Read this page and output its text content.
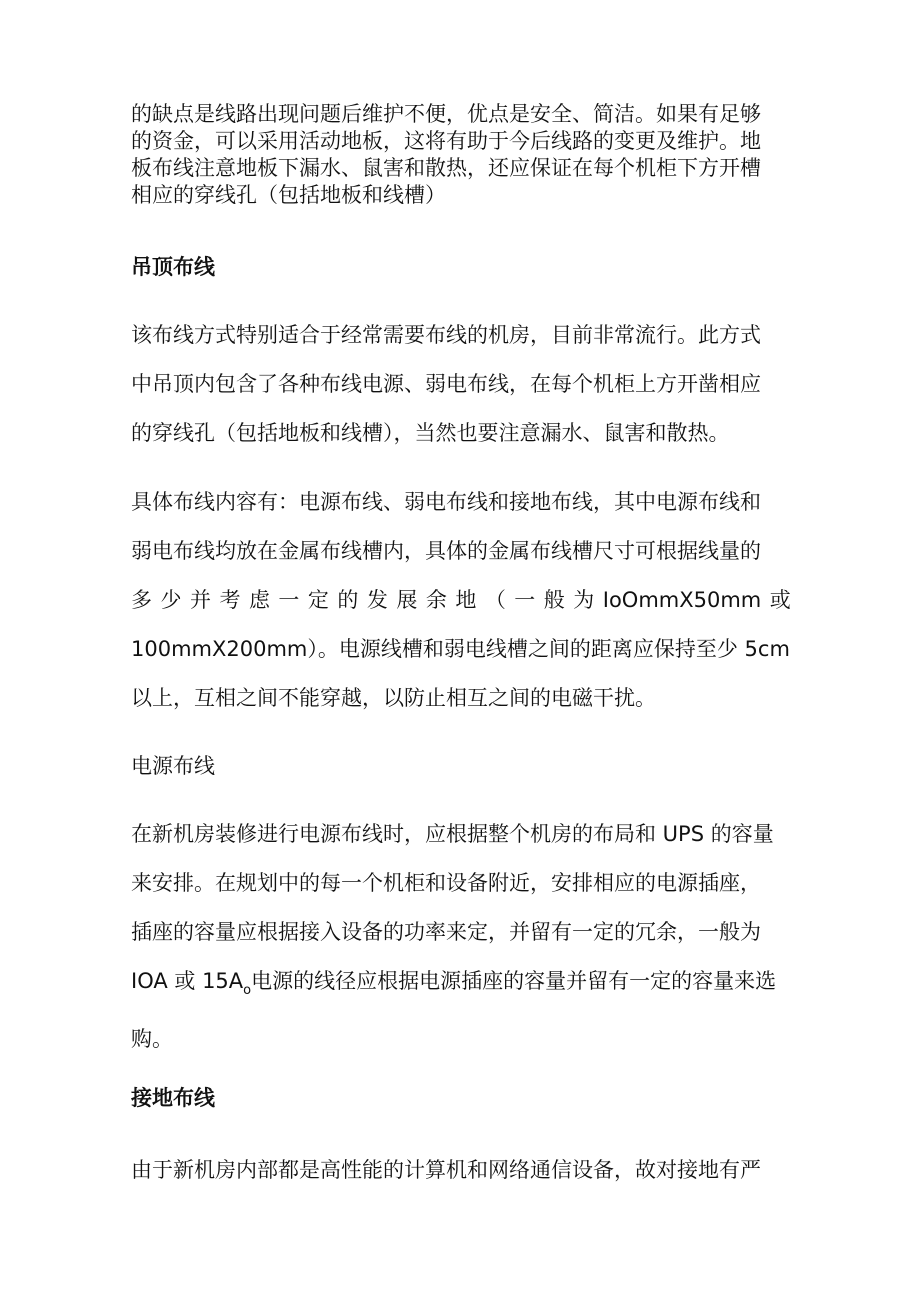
的缺点是线路出现问题后维护不便，优点是安全、简洁。如果有足够
的资金，可以采用活动地板，这将有助于今后线路的变更及维护。地
板布线注意地板下漏水、鼠害和散热，还应保证在每个机柜下方开槽
相应的穿线孔（包括地板和线槽）

吊顶布线

该布线方式特别适合于经常需要布线的机房，目前非常流行。此方式
中吊顶内包含了各种布线电源、弱电布线，在每个机柜上方开凿相应
的穿线孔（包括地板和线槽），当然也要注意漏水、鼠害和散热。

具体布线内容有：电源布线、弱电布线和接地布线，其中电源布线和
弱电布线均放在金属布线槽内，具体的金属布线槽尺寸可根据线量的
多 少 并 考 虑 一 定 的 发 展 余 地 （ 一 般 为 IoOmmX50mm 或
100mmX200mm）。电源线槽和弱电线槽之间的距离应保持至少 5cm
以上，互相之间不能穿越，以防止相互之间的电磁干扰。

电源布线

在新机房装修进行电源布线时，应根据整个机房的布局和 UPS 的容量
来安排。在规划中的每一个机柜和设备附近，安排相应的电源插座，
插座的容量应根据接入设备的功率来定，并留有一定的冗余，一般为
IOA 或 $15A_o$电源的线径应根据电源插座的容量并留有一定的容量来选
购。

接地布线

由于新机房内部都是高性能的计算机和网络通信设备，故对接地有严
